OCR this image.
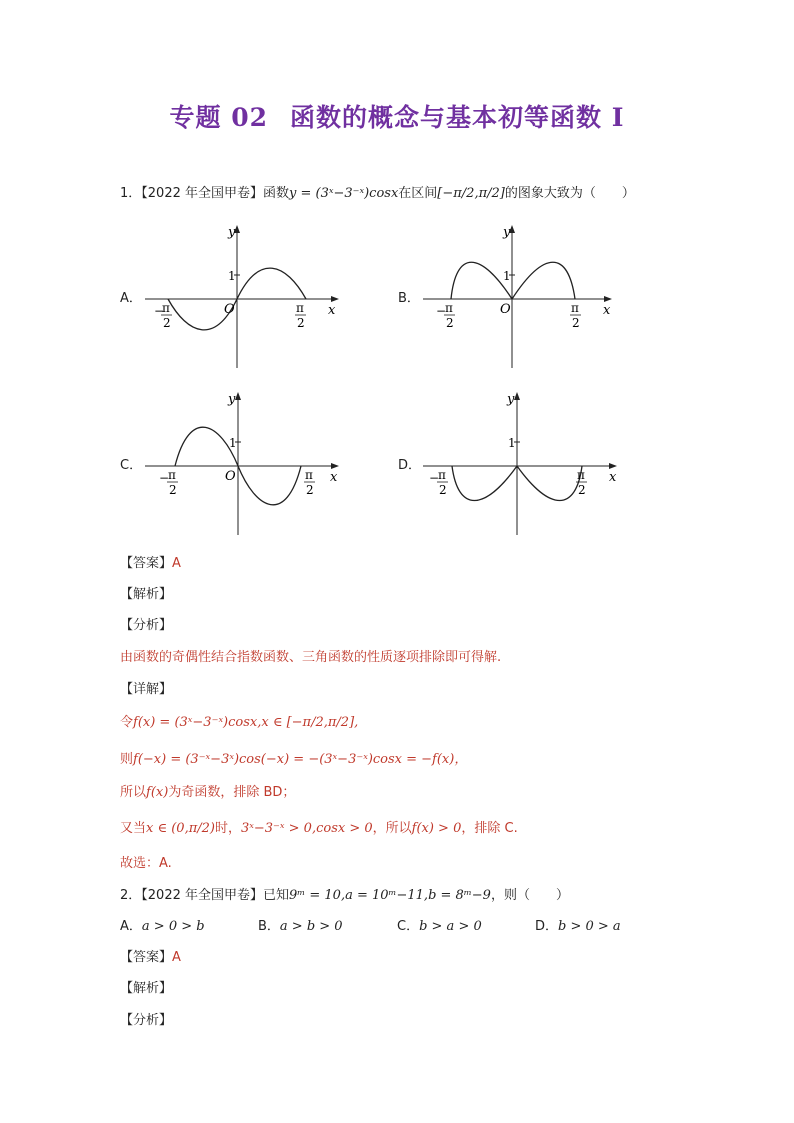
专题 02 函数的概念与基本初等函数 I
1．【2022 年全国甲卷】函数y = (3ˣ−3⁻ˣ)cosx在区间[−π/2,π/2]的图象大致为（　　）
A．	B．
C．	D．
y
x
O
1
−
π
2
π
2
y
x
O
1
−
π
2
π
2
y
x
O
1
−
π
2
π
2
y
x
1
−
π
2
π
2
【答案】A
【解析】
【分析】
由函数的奇偶性结合指数函数、三角函数的性质逐项排除即可得解.
【详解】
令f(x) = (3ˣ−3⁻ˣ)cosx,x ∈ [−π/2,π/2],
则f(−x) = (3⁻ˣ−3ˣ)cos(−x) = −(3ˣ−3⁻ˣ)cosx = −f(x)，
所以f(x)为奇函数，排除 BD；
又当x ∈ (0,π/2)时，3ˣ−3⁻ˣ > 0,cosx > 0，所以f(x) > 0，排除 C.
故选：A.
2．【2022 年全国甲卷】已知9ᵐ = 10,a = 10ᵐ−11,b = 8ᵐ−9，则（　　）
A．a > 0 > b	B．a > b > 0	C．b > a > 0	D．b > 0 > a
【答案】A
【解析】
【分析】
